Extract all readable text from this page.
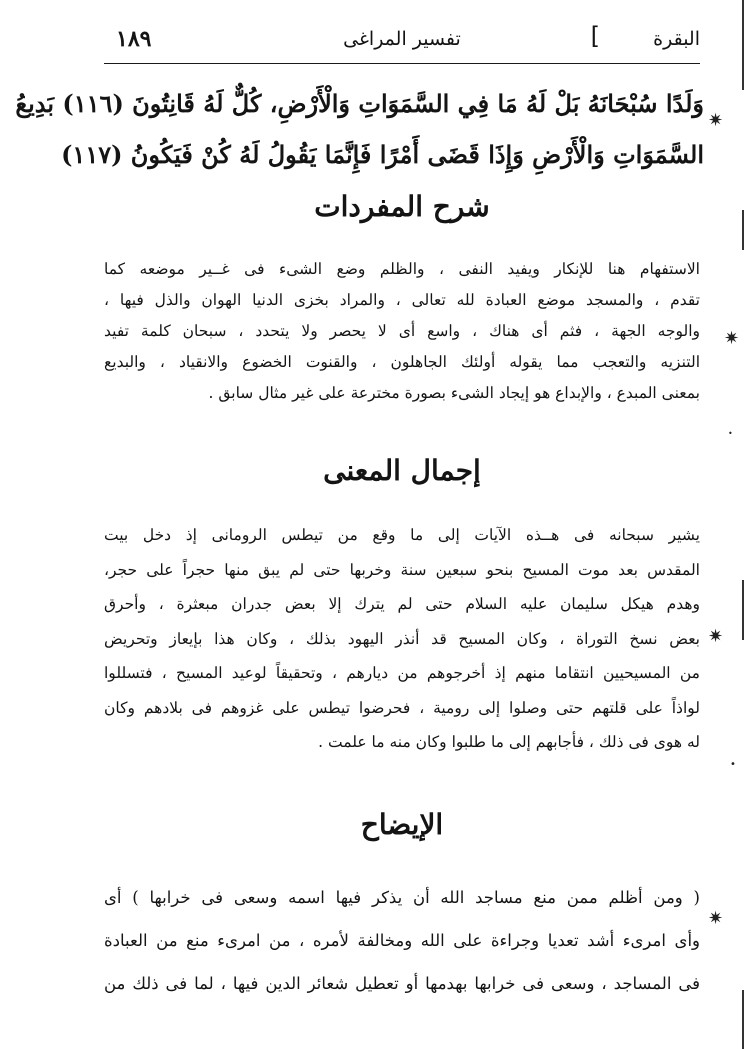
البقرة
]
تفسير المراغى
١٨٩
وَلَدًا سُبْحَانَهُ بَلْ لَهُ مَا فِي السَّمَوَاتِ وَالْأَرْضِ، كُلٌّ لَهُ قَانِتُونَ (١١٦) بَدِيعُ
السَّمَوَاتِ وَالْأَرْضِ وَإِذَا قَضَى أَمْرًا فَإِنَّمَا يَقُولُ لَهُ كُنْ فَيَكُونُ (١١٧)
شرح المفردات
الاستفهام هنا للإنكار ويفيد النفى ، والظلم وضع الشىء فى غــير موضعه كما
تقدم ، والمسجد موضع العبادة لله تعالى ، والمراد بخزى الدنيا الهوان والذل فيها ،
والوجه الجهة ، فثم أى هناك ، واسع أى لا يحصر ولا يتحدد ، سبحان كلمة تفيد
التنزيه والتعجب مما يقوله أولئك الجاهلون ، والقنوت الخضوع والانقياد ، والبديع
بمعنى المبدع ، والإبداع هو إيجاد الشىء بصورة مخترعة على غير مثال سابق .
إجمال المعنى
يشير سبحانه فى هــذه الآيات إلى ما وقع من تيطس الرومانى إذ دخل بيت
المقدس بعد موت المسيح بنحو سبعين سنة وخربها حتى لم يبق منها حجراً على حجر،
وهدم هيكل سليمان عليه السلام حتى لم يترك إلا بعض جدران مبعثرة ، وأحرق
بعض نسخ التوراة ، وكان المسيح قد أنذر اليهود بذلك ، وكان هذا بإيعاز وتحريض
من المسيحيين انتقاما منهم إذ أخرجوهم من ديارهم ، وتحقيقاً لوعيد المسيح ، فتسللوا
لواذاً على قلتهم حتى وصلوا إلى رومية ، فحرضوا تيطس على غزوهم فى بلادهم وكان
له هوى فى ذلك ، فأجابهم إلى ما طلبوا وكان منه ما علمت .
الإيضاح
( ومن أظلم ممن منع مساجد الله أن يذكر فيها اسمه وسعى فى خرابها ) أى
وأى امرىء أشد تعديا وجراءة على الله ومخالفة لأمره ، من امرىء منع من العبادة
فى المساجد ، وسعى فى خرابها بهدمها أو تعطيل شعائر الدين فيها ، لما فى ذلك من
✷
✷
✷
✷
•
•
